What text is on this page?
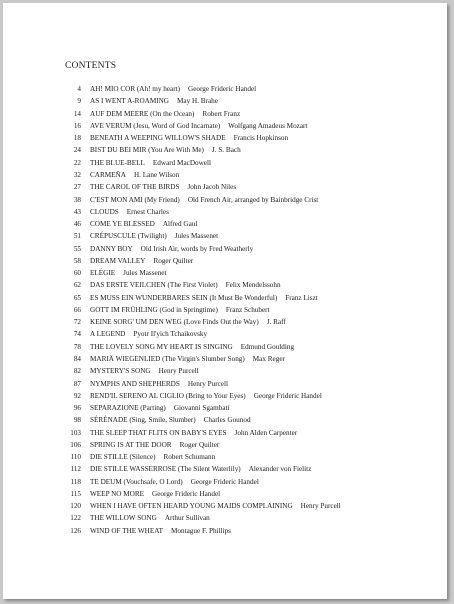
CONTENTS
4	AH! MIO COR (Ah! my heart) George Frideric Handel
9	AS I WENT A-ROAMING May H. Brahe
14	AUF DEM MEERE (On the Ocean) Robert Franz
16	AVE VERUM (Jesu, Word of God Incarnate) Wolfgang Amadeus Mozart
18	BENEATH A WEEPING WILLOW'S SHADE Francis Hopkinson
24	BIST DU BEI MIR (You Are With Me) J. S. Bach
22	THE BLUE-BELL Edward MacDowell
32	CARMEÑA H. Lane Wilson
27	THE CAROL OF THE BIRDS John Jacob Niles
38	C'EST MON AMI (My Friend) Old French Air, arranged by Bainbridge Crist
43	CLOUDS Ernest Charles
46	COME YE BLESSED Alfred Gaul
51	CRÉPUSCULE (Twilight) Jules Massenet
55	DANNY BOY Old Irish Air, words by Fred Weatherly
58	DREAM VALLEY Roger Quilter
60	ELÉGIE Jules Massenet
62	DAS ERSTE VEILCHEN (The First Violet) Felix Mendelssohn
65	ES MUSS EIN WUNDERBARES SEIN (It Must Be Wonderful) Franz Liszt
66	GOTT IM FRÜHLING (God in Springtime) Franz Schubert
72	KEINE SORG' UM DEN WEG (Love Finds Out the Way) J. Raff
74	A LEGEND Pyotr Il'yich Tchaikovsky
78	THE LOVELY SONG MY HEART IS SINGING Edmund Goulding
84	MARIÄ WIEGENLIED (The Virgin's Slumber Song) Max Reger
82	MYSTERY'S SONG Henry Purcell
87	NYMPHS AND SHEPHERDS Henry Purcell
92	REND'IL SERENO AL CIGLIO (Bring to Your Eyes) George Frideric Handel
96	SEPARAZIONE (Parting) Giovanni Sgambati
98	SÉRÉNADE (Sing, Smile, Slumber) Charles Gounod
103	THE SLEEP THAT FLITS ON BABY'S EYES John Alden Carpenter
106	SPRING IS AT THE DOOR Roger Quilter
110	DIE STILLE (Silence) Robert Schumann
112	DIE STILLE WASSERROSE (The Silent Waterlily) Alexander von Fielitz
118	TE DEUM (Vouchsafe, O Lord) George Frideric Handel
115	WEEP NO MORE George Frideric Handel
120	WHEN I HAVE OFTEN HEARD YOUNG MAIDS COMPLAINING Henry Purcell
122	THE WILLOW SONG Arthur Sullivan
126	WIND OF THE WHEAT Montague F. Phillips
